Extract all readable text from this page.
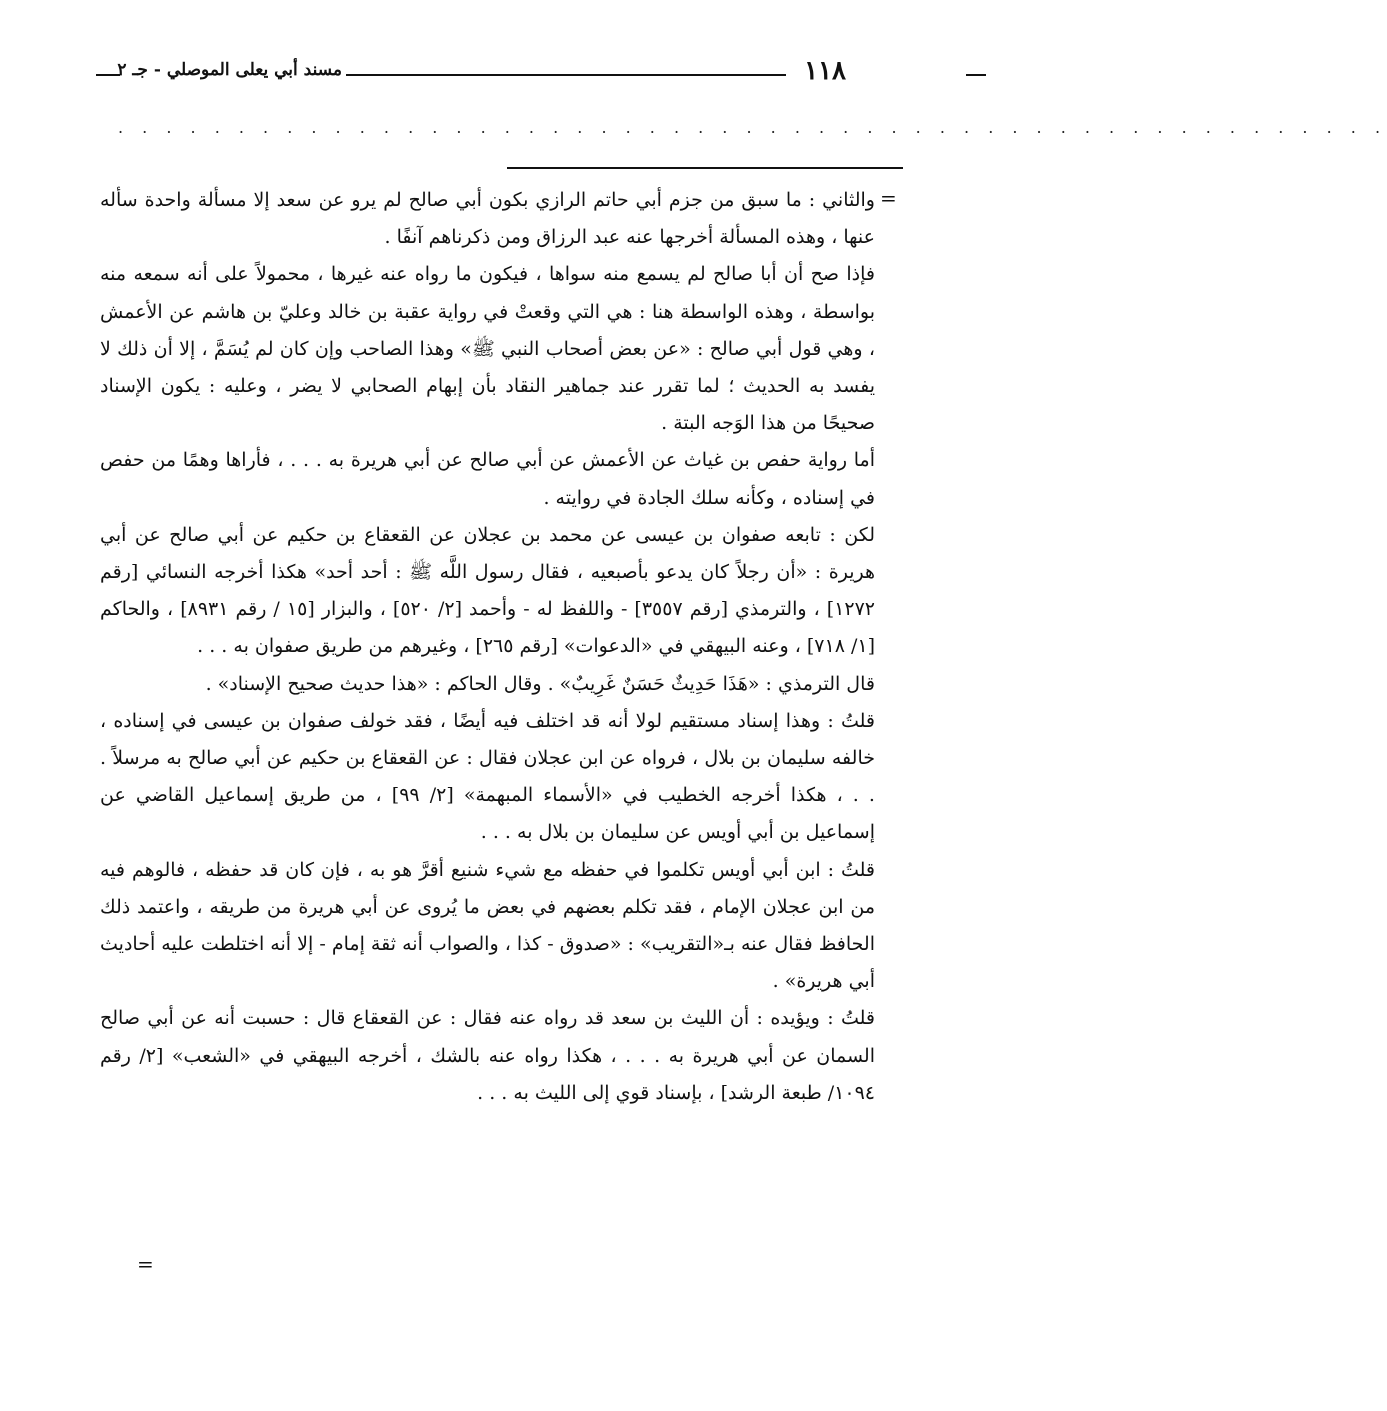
مسند أبي يعلى الموصلي - جـ ٢	١١٨
. . . . . . . . . . . . . . . . . . . . . . . . . . . . . . . . . . . . . . . . . . . . . . . . . . . . .
=

والثاني : ما سبق من جزم أبي حاتم الرازي بكون أبي صالح لم يرو عن سعد إلا مسألة واحدة سأله عنها ، وهذه المسألة أخرجها عنه عبد الرزاق ومن ذكرناهم آنفًا .

فإذا صح أن أبا صالح لم يسمع منه سواها ، فيكون ما رواه عنه غيرها ، محمولاً على أنه سمعه منه بواسطة ، وهذه الواسطة هنا : هي التي وقعتْ في رواية عقبة بن خالد وعليّ بن هاشم عن الأعمش ، وهي قول أبي صالح : «عن بعض أصحاب النبي ﷺ» وهذا الصاحب وإن كان لم يُسَمَّ ، إلا أن ذلك لا يفسد به الحديث ؛ لما تقرر عند جماهير النقاد بأن إبهام الصحابي لا يضر ، وعليه : يكون الإسناد صحيحًا من هذا الوَجه البتة .

أما رواية حفص بن غياث عن الأعمش عن أبي صالح عن أبي هريرة به . . . ، فأراها وهمًا من حفص في إسناده ، وكأنه سلك الجادة في روايته .

لكن : تابعه صفوان بن عيسى عن محمد بن عجلان عن القعقاع بن حكيم عن أبي صالح عن أبي هريرة : «أن رجلاً كان يدعو بأصبعيه ، فقال رسول اللَّه ﷺ : أحد أحد» هكذا أخرجه النسائي [رقم ١٢٧٢] ، والترمذي [رقم ٣٥٥٧] - واللفظ له - وأحمد [٢/ ٥٢٠] ، والبزار [١٥ / رقم ٨٩٣١] ، والحاكم [١/ ٧١٨] ، وعنه البيهقي في «الدعوات» [رقم ٢٦٥] ، وغيرهم من طريق صفوان به . . .

قال الترمذي : «هَذَا حَدِيثٌ حَسَنٌ غَرِيبٌ» . وقال الحاكم : «هذا حديث صحيح الإسناد» .

قلتُ : وهذا إسناد مستقيم لولا أنه قد اختلف فيه أيضًا ، فقد خولف صفوان بن عيسى في إسناده ، خالفه سليمان بن بلال ، فرواه عن ابن عجلان فقال : عن القعقاع بن حكيم عن أبي صالح به مرسلاً . . . ، هكذا أخرجه الخطيب في «الأسماء المبهمة» [٢/ ٩٩] ، من طريق إسماعيل القاضي عن إسماعيل بن أبي أويس عن سليمان بن بلال به . . .

قلتُ : ابن أبي أويس تكلموا في حفظه مع شيء شنيع أقرَّ هو به ، فإن كان قد حفظه ، فالوهم فيه من ابن عجلان الإمام ، فقد تكلم بعضهم في بعض ما يُروى عن أبي هريرة من طريقه ، واعتمد ذلك الحافظ فقال عنه بـ«التقريب» : «صدوق - كذا ، والصواب أنه ثقة إمام - إلا أنه اختلطت عليه أحاديث أبي هريرة» .

قلتُ : ويؤيده : أن الليث بن سعد قد رواه عنه فقال : عن القعقاع قال : حسبت أنه عن أبي صالح السمان عن أبي هريرة به . . . ، هكذا رواه عنه بالشك ، أخرجه البيهقي في «الشعب» [٢/ رقم ١٠٩٤/ طبعة الرشد] ، بإسناد قوي إلى الليث به . . .

=
